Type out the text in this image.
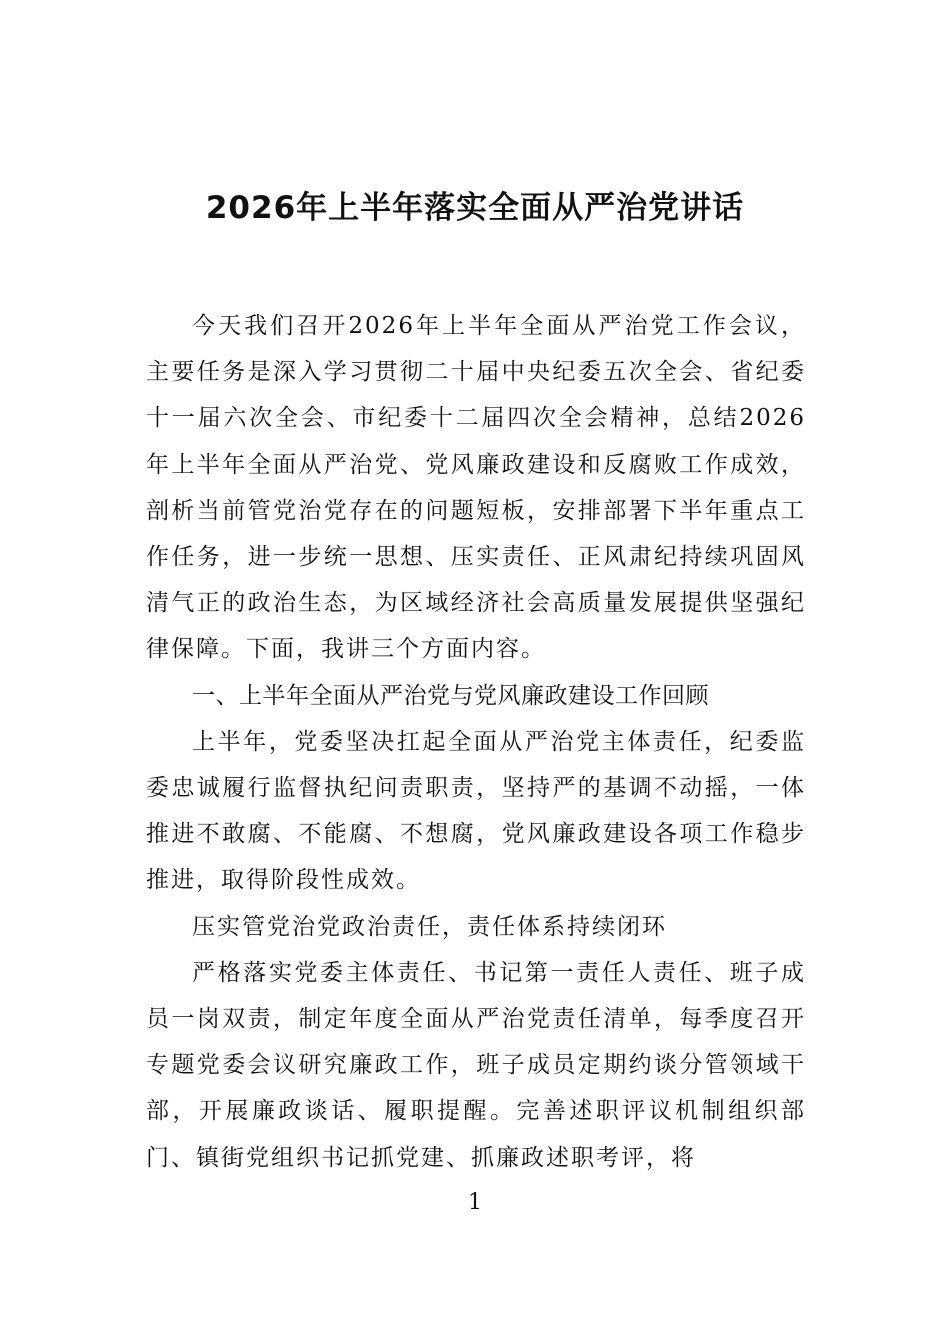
2026年上半年落实全面从严治党讲话

今天我们召开2026年上半年全面从严治党工作会议，主要任务是深入学习贯彻二十届中央纪委五次全会、省纪委十一届六次全会、市纪委十二届四次全会精神，总结2026年上半年全面从严治党、党风廉政建设和反腐败工作成效，剖析当前管党治党存在的问题短板，安排部署下半年重点工作任务，进一步统一思想、压实责任、正风肃纪持续巩固风清气正的政治生态，为区域经济社会高质量发展提供坚强纪律保障。下面，我讲三个方面内容。

一、上半年全面从严治党与党风廉政建设工作回顾

上半年，党委坚决扛起全面从严治党主体责任，纪委监委忠诚履行监督执纪问责职责，坚持严的基调不动摇，一体推进不敢腐、不能腐、不想腐，党风廉政建设各项工作稳步推进，取得阶段性成效。

压实管党治党政治责任，责任体系持续闭环

严格落实党委主体责任、书记第一责任人责任、班子成员一岗双责，制定年度全面从严治党责任清单，每季度召开专题党委会议研究廉政工作，班子成员定期约谈分管领域干部，开展廉政谈话、履职提醒。完善述职评议机制组织部门、镇街党组织书记抓党建、抓廉政述职考评，将

1
